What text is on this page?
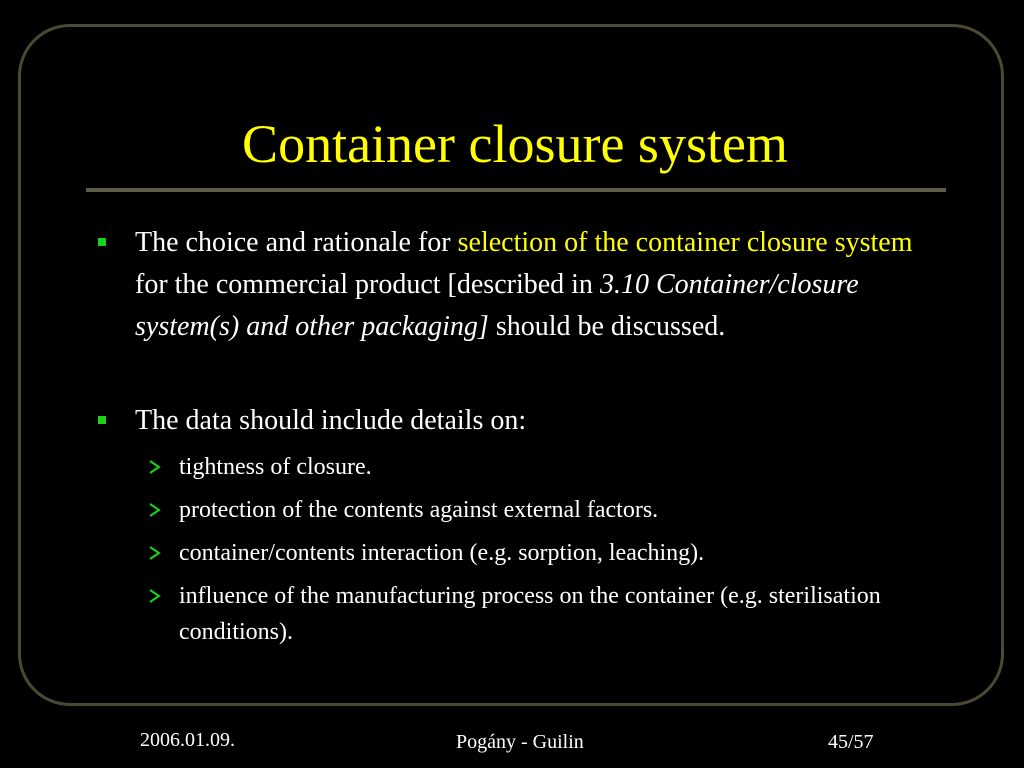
Container closure system
The choice and rationale for selection of the container closure system for the commercial product [described in 3.10 Container/closure system(s) and other packaging] should be discussed.
The data should include details on:
tightness of closure.
protection of the contents against external factors.
container/contents interaction (e.g. sorption, leaching).
influence of the manufacturing process on the container (e.g. sterilisation conditions).
2006.01.09.	Pogány - Guilin	45/57
